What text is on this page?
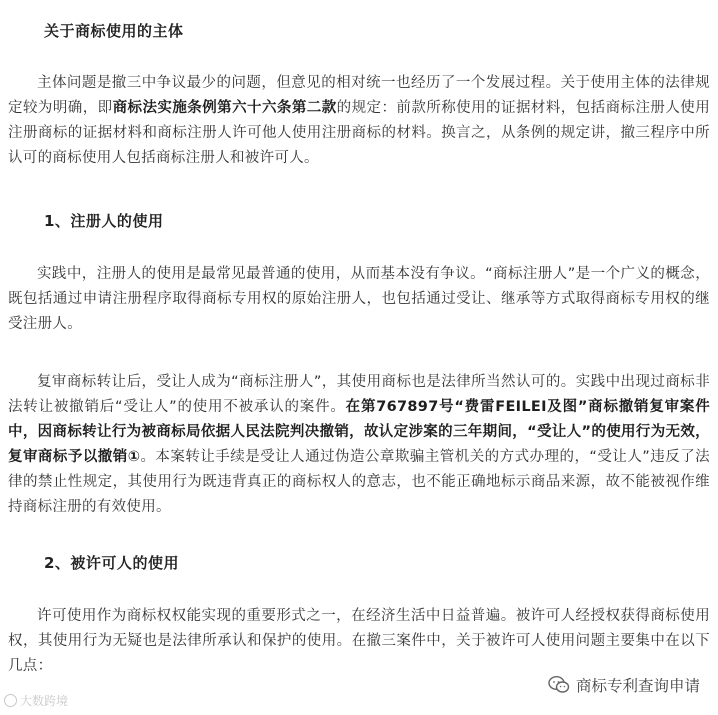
关于商标使用的主体

主体问题是撤三中争议最少的问题，但意见的相对统一也经历了一个发展过程。关于使用主体的法律规定较为明确，即商标法实施条例第六十六条第二款的规定：前款所称使用的证据材料，包括商标注册人使用注册商标的证据材料和商标注册人许可他人使用注册商标的材料。换言之，从条例的规定讲，撤三程序中所认可的商标使用人包括商标注册人和被许可人。

1、注册人的使用

实践中，注册人的使用是最常见最普通的使用，从而基本没有争议。“商标注册人”是一个广义的概念，既包括通过申请注册程序取得商标专用权的原始注册人，也包括通过受让、继承等方式取得商标专用权的继受注册人。

复审商标转让后，受让人成为“商标注册人”，其使用商标也是法律所当然认可的。实践中出现过商标非法转让被撤销后“受让人”的使用不被承认的案件。在第767897号“费雷FEILEI及图”商标撤销复审案件中，因商标转让行为被商标局依据人民法院判决撤销，故认定涉案的三年期间，“受让人”的使用行为无效，复审商标予以撤销①。本案转让手续是受让人通过伪造公章欺骗主管机关的方式办理的，“受让人”违反了法律的禁止性规定，其使用行为既违背真正的商标权人的意志，也不能正确地标示商品来源，故不能被视作维持商标注册的有效使用。

2、被许可人的使用

许可使用作为商标权权能实现的重要形式之一，在经济生活中日益普遍。被许可人经授权获得商标使用权，其使用行为无疑也是法律所承认和保护的使用。在撤三案件中，关于被许可人使用问题主要集中在以下几点：

大数跨境
商标专利查询申请
